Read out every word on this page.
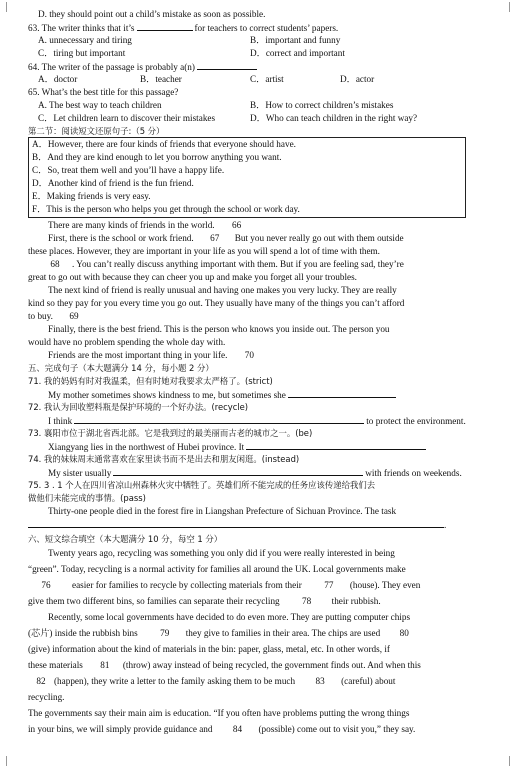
D. they should point out a child’s mistake as soon as possible.
63. The writer thinks that it’s	for teachers to correct students’ papers.
A. unnecessary and tiring	B．important and funny
C．tiring but important	D．correct and important
64. The writer of the passage is probably a(n)
A．doctor	B．teacher	C．artist	D．actor
65. What’s the best title for this passage?
A. The best way to teach children	B．How to correct children’s mistakes
C．Let children learn to discover their mistakes	D．Who can teach children in the right way?
第二节：阅读短文还原句子:（5 分）
A．However, there are four kinds of friends that everyone should have.
B．And they are kind enough to let you borrow anything you want.
C．So, treat them well and you’ll have a happy life.
D．Another kind of friend is the fun friend.
E．Making friends is very easy.
F．This is the person who helps you get through the school or work day.
There are many kinds of friends in the world. 66
First, there is the school or work friend. 67 But you never really go out with them outside
these places. However, they are important in your life as you will spend a lot of time with them.
68 . You can’t really discuss anything important with them. But if you are feeling sad, they’re
great to go out with because they can cheer you up and make you forget all your troubles.
The next kind of friend is really unusual and having one makes you very lucky. They are really
kind so they pay for you every time you go out. They usually have many of the things you can’t afford
to buy. 69
Finally, there is the best friend. This is the person who knows you inside out. The person you
would have no problem spending the whole day with.
Friends are the most important thing in your life. 70
五、完成句子（本大题满分 14 分，每小题 2 分）
71. 我的妈妈有时对我温柔，但有时她对我要求太严格了。(strict)
My mother sometimes shows kindness to me, but sometimes she
72. 我认为回收塑料瓶是保护环境的一个好办法。(recycle)
I think	to protect the environment.
73. 襄阳市位于湖北省西北部。它是我到过的最美丽而古老的城市之一。(be)
Xiangyang lies in the northwest of Hubei province. It
74. 我的妹妹周末通常喜欢在家里读书而不是出去和朋友闲逛。(instead)
My sister usually	with friends on weekends.
75. 3 . 1 个人在四川省凉山州森林火灾中牺牲了。英雄们所不能完成的任务应该传递给我们去
做他们未能完成的事情。(pass)
Thirty-one people died in the forest fire in Liangshan Prefecture of Sichuan Province. The task
.
六、短文综合填空（本大题满分 10 分，每空 1 分）
Twenty years ago, recycling was something you only did if you were really interested in being
“green”. Today, recycling is a normal activity for families all around the UK. Local governments make
76 easier for families to recycle by collecting materials from their 77 (house). They even
give them two different bins, so families can separate their recycling 78 their rubbish.
Recently, some local governments have decided to do even more. They are putting computer chips
(芯片) inside the rubbish bins 79 they give to families in their area. The chips are used 80
(give) information about the kind of materials in the bin: paper, glass, metal, etc. In other words, if
these materials 81 (throw) away instead of being recycled, the government finds out. And when this
82 (happen), they write a letter to the family asking them to be much 83 (careful) about
recycling.
The governments say their main aim is education. “If you often have problems putting the wrong things
in your bins, we will simply provide guidance and 84 (possible) come out to visit you,” they say.
